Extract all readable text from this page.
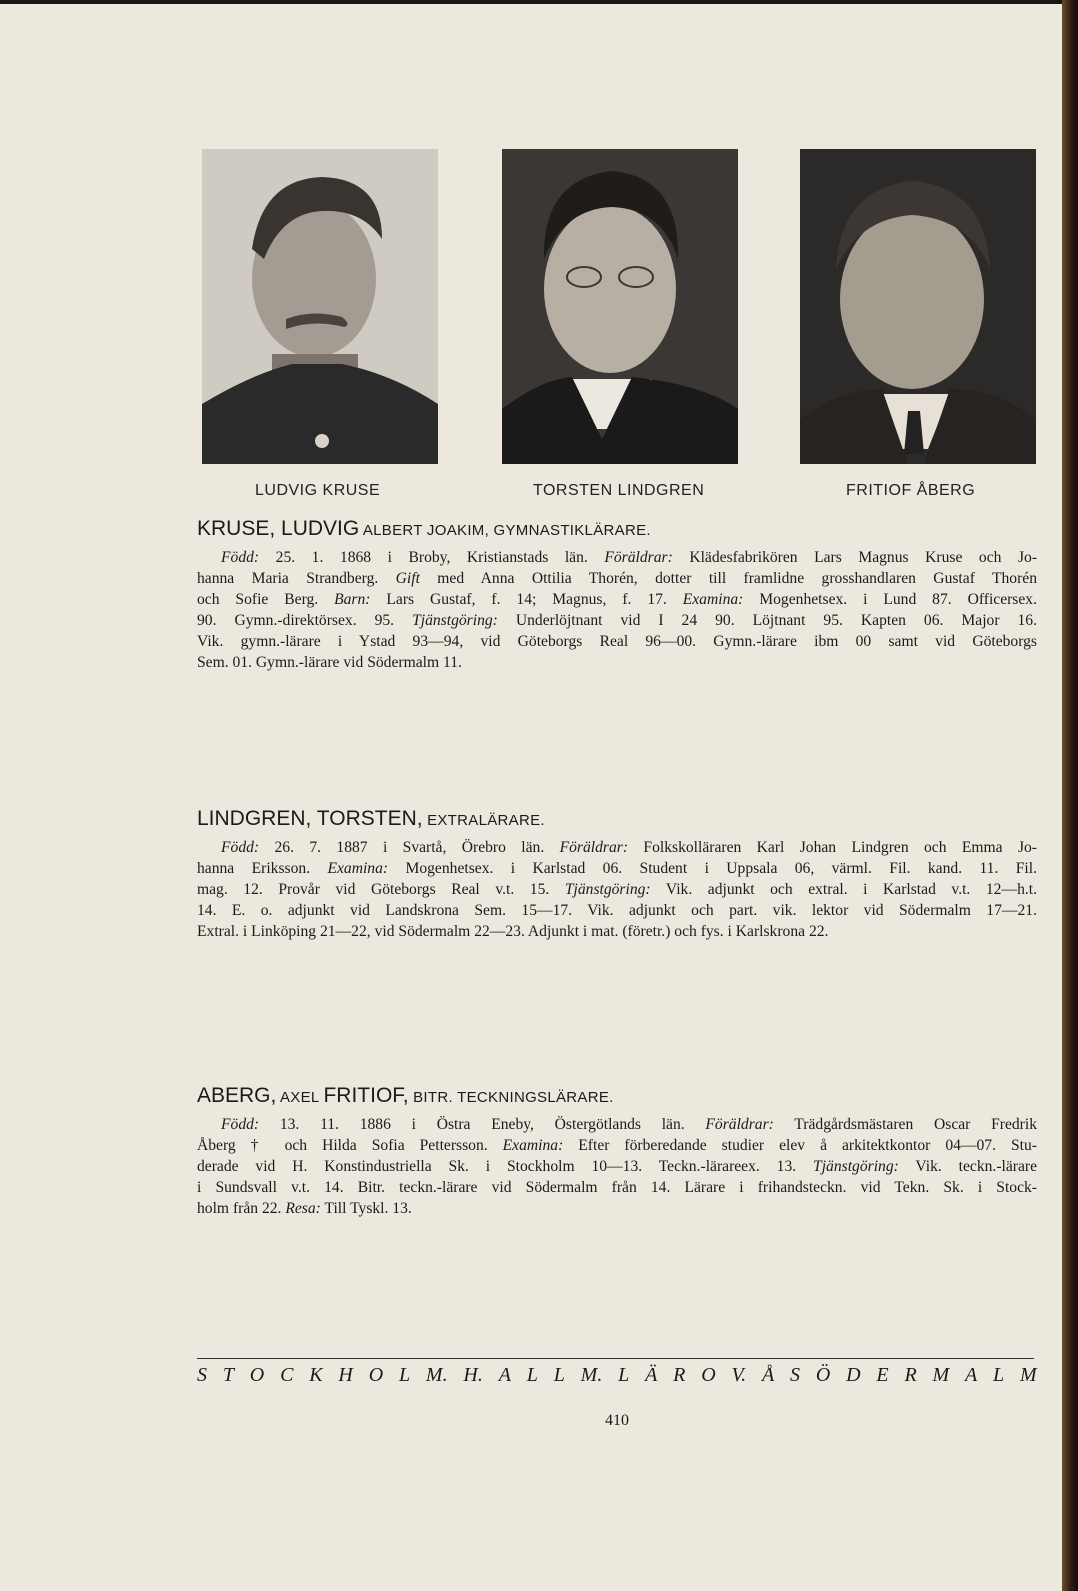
LUDVIG KRUSE	TORSTEN LINDGREN	FRITIOF ÅBERG
KRUSE, LUDVIG ALBERT JOAKIM, GYMNASTIKLÄRARE.
Född: 25. 1. 1868 i Broby, Kristianstads län. Föräldrar: Klädesfabrikören Lars Magnus Kruse och Jo-
hanna Maria Strandberg. Gift med Anna Ottilia Thorén, dotter till framlidne grosshandlaren Gustaf Thorén
och Sofie Berg. Barn: Lars Gustaf, f. 14; Magnus, f. 17. Examina: Mogenhetsex. i Lund 87. Officersex.
90. Gymn.-direktörsex. 95. Tjänstgöring: Underlöjtnant vid I 24 90. Löjtnant 95. Kapten 06. Major 16.
Vik. gymn.-lärare i Ystad 93—94, vid Göteborgs Real 96—00. Gymn.-lärare ibm 00 samt vid Göteborgs
Sem. 01. Gymn.-lärare vid Södermalm 11.
LINDGREN, TORSTEN, EXTRALÄRARE.
Född: 26. 7. 1887 i Svartå, Örebro län. Föräldrar: Folkskolläraren Karl Johan Lindgren och Emma Jo-
hanna Eriksson. Examina: Mogenhetsex. i Karlstad 06. Student i Uppsala 06, värml. Fil. kand. 11. Fil.
mag. 12. Provår vid Göteborgs Real v.t. 15. Tjänstgöring: Vik. adjunkt och extral. i Karlstad v.t. 12—h.t.
14. E. o. adjunkt vid Landskrona Sem. 15—17. Vik. adjunkt och part. vik. lektor vid Södermalm 17—21.
Extral. i Linköping 21—22, vid Södermalm 22—23. Adjunkt i mat. (företr.) och fys. i Karlskrona 22.
ABERG, AXEL FRITIOF, BITR. TECKNINGSLÄRARE.
Född: 13. 11. 1886 i Östra Eneby, Östergötlands län. Föräldrar: Trädgårdsmästaren Oscar Fredrik
Åberg † och Hilda Sofia Pettersson. Examina: Efter förberedande studier elev å arkitektkontor 04—07. Stu-
derade vid H. Konstindustriella Sk. i Stockholm 10—13. Teckn.-lärareex. 13. Tjänstgöring: Vik. teckn.-lärare
i Sundsvall v.t. 14. Bitr. teckn.-lärare vid Södermalm från 14. Lärare i frihandsteckn. vid Tekn. Sk. i Stock-
holm från 22. Resa: Till Tyskl. 13.
S T O C K H O L M. H. A L L M. L Ä R O V. Å S Ö D E R M A L M
410
